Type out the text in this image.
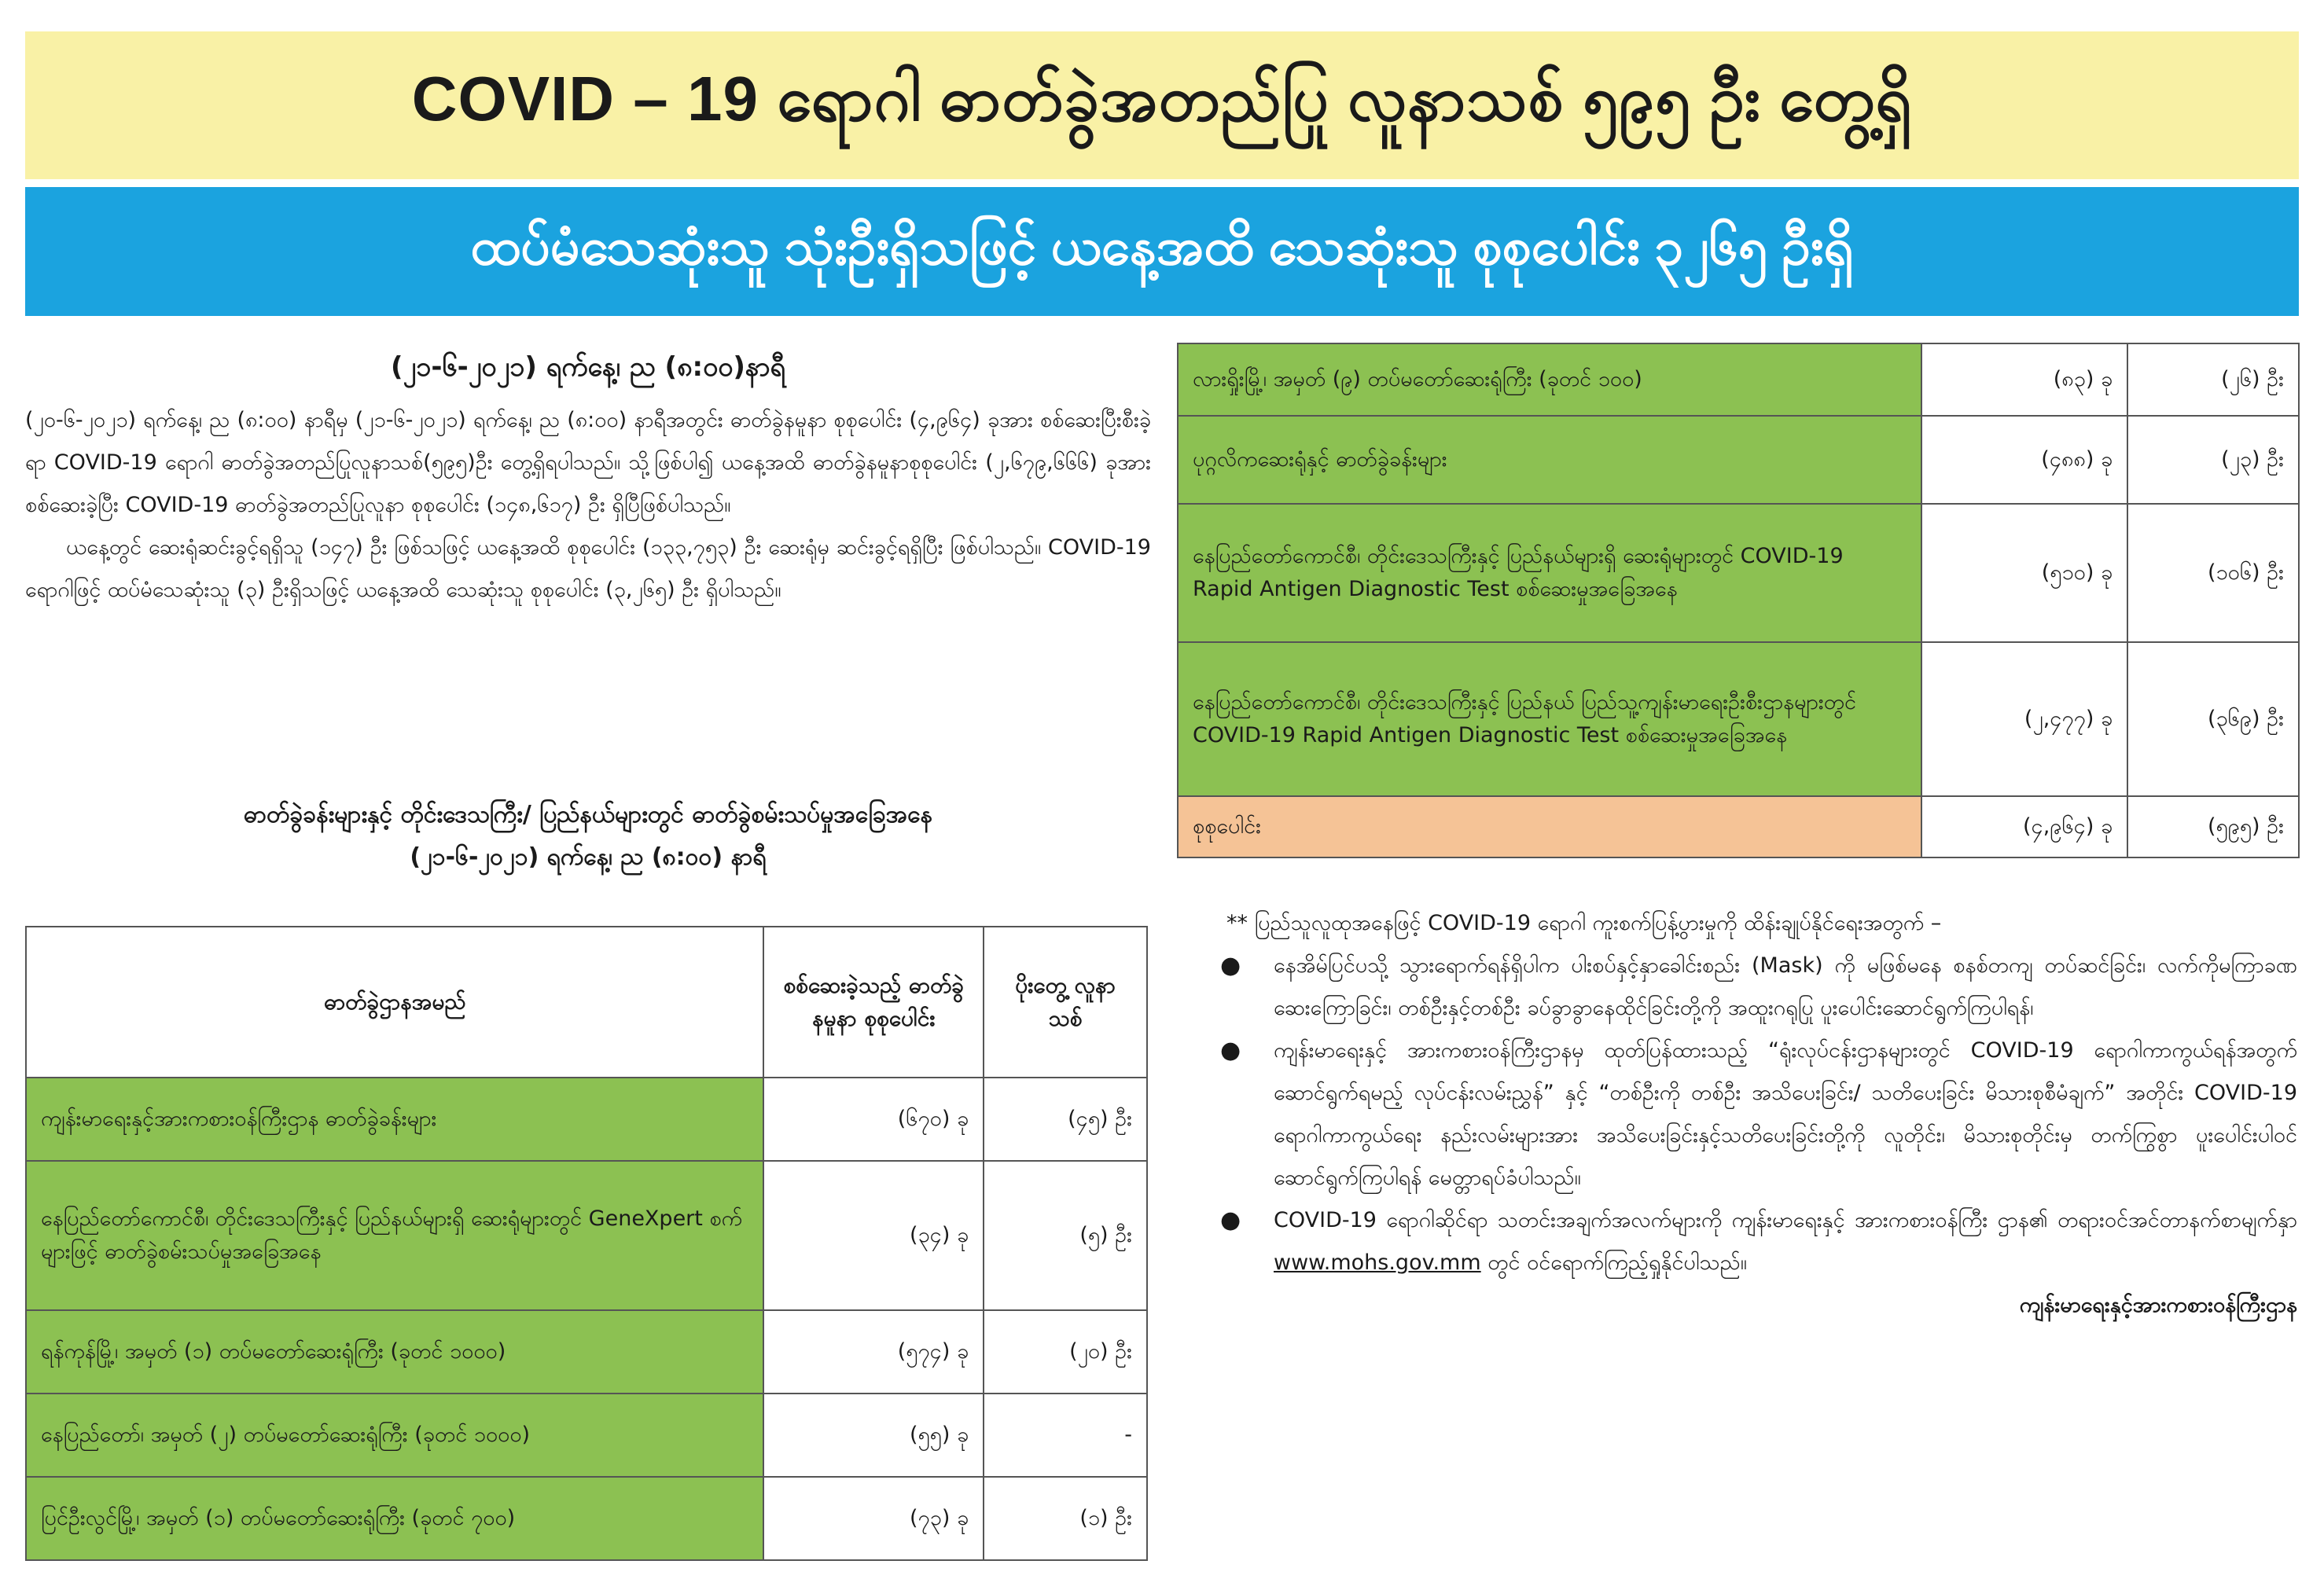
COVID – 19 ရောဂါ ဓာတ်ခွဲအတည်ပြု လူနာသစ် ၅၉၅ ဦး တွေ့ရှိ
ထပ်မံသေဆုံးသူ သုံးဦးရှိသဖြင့် ယနေ့အထိ သေဆုံးသူ စုစုပေါင်း ၃၂၆၅ ဦးရှိ
(၂၁-၆-၂၀၂၁) ရက်နေ့၊ ည (၈:၀၀)နာရီ

(၂၀-၆-၂၀၂၁) ရက်နေ့၊ ည (၈:၀၀) နာရီမှ (၂၁-၆-၂၀၂၁) ရက်နေ့၊ ည (၈:၀၀) နာရီအတွင်း ဓာတ်ခွဲနမူနာ စုစုပေါင်း (၄,၉၆၄) ခုအား စစ်ဆေးပြီးစီးခဲ့ရာ COVID-19 ရောဂါ ဓာတ်ခွဲအတည်ပြုလူနာသစ်(၅၉၅)ဦး တွေ့ရှိရပါသည်။ သို့ဖြစ်ပါ၍ ယနေ့အထိ ဓာတ်ခွဲနမူနာစုစုပေါင်း (၂,၆၇၉,၆၆၆) ခုအား စစ်ဆေးခဲ့ပြီး COVID-19 ဓာတ်ခွဲအတည်ပြုလူနာ စုစုပေါင်း (၁၄၈,၆၁၇) ဦး ရှိပြီဖြစ်ပါသည်။

ယနေ့တွင် ဆေးရုံဆင်းခွင့်ရရှိသူ (၁၄၇) ဦး ဖြစ်သဖြင့် ယနေ့အထိ စုစုပေါင်း (၁၃၃,၇၅၃) ဦး ဆေးရုံမှ ဆင်းခွင့်ရရှိပြီး ဖြစ်ပါသည်။ COVID-19 ရောဂါဖြင့် ထပ်မံသေဆုံးသူ (၃) ဦးရှိသဖြင့် ယနေ့အထိ သေဆုံးသူ စုစုပေါင်း (၃,၂၆၅) ဦး ရှိပါသည်။

ဓာတ်ခွဲခန်းများနှင့် တိုင်းဒေသကြီး/ ပြည်နယ်များတွင် ဓာတ်ခွဲစမ်းသပ်မှုအခြေအနေ
(၂၁-၆-၂၀၂၁) ရက်နေ့၊ ည (၈:၀၀) နာရီ
ဓာတ်ခွဲဌာနအမည်	စစ်ဆေးခဲ့သည့် ဓာတ်ခွဲနမူနာ စုစုပေါင်း	ပိုးတွေ့ လူနာသစ်
ကျန်းမာရေးနှင့်အားကစားဝန်ကြီးဌာန ဓာတ်ခွဲခန်းများ	(၆၇၀) ခု	(၄၅) ဦး
နေပြည်တော်ကောင်စီ၊ တိုင်းဒေသကြီးနှင့် ပြည်နယ်များရှိ ဆေးရုံများတွင် GeneXpert စက်များဖြင့် ဓာတ်ခွဲစမ်းသပ်မှုအခြေအနေ	(၃၄) ခု	(၅) ဦး
ရန်ကုန်မြို့၊ အမှတ် (၁) တပ်မတော်ဆေးရုံကြီး (ခုတင် ၁၀၀၀)	(၅၇၄) ခု	(၂၀) ဦး
နေပြည်တော်၊ အမှတ် (၂) တပ်မတော်ဆေးရုံကြီး (ခုတင် ၁၀၀၀)	(၅၅) ခု	-
ပြင်ဦးလွင်မြို့၊ အမှတ် (၁) တပ်မတော်ဆေးရုံကြီး (ခုတင် ၇၀၀)	(၇၃) ခု	(၁) ဦး
လားရှိုးမြို့၊ အမှတ် (၉) တပ်မတော်ဆေးရုံကြီး (ခုတင် ၁၀၀)	(၈၃) ခု	(၂၆) ဦး
ပုဂ္ဂလိကဆေးရုံနှင့် ဓာတ်ခွဲခန်းများ	(၄၈၈) ခု	(၂၃) ဦး
နေပြည်တော်ကောင်စီ၊ တိုင်းဒေသကြီးနှင့် ပြည်နယ်များရှိ ဆေးရုံများတွင် COVID-19 Rapid Antigen Diagnostic Test စစ်ဆေးမှုအခြေအနေ	(၅၁၀) ခု	(၁၀၆) ဦး
နေပြည်တော်ကောင်စီ၊ တိုင်းဒေသကြီးနှင့် ပြည်နယ် ပြည်သူ့ကျန်းမာရေးဦးစီးဌာနများတွင် COVID-19 Rapid Antigen Diagnostic Test စစ်ဆေးမှုအခြေအနေ	(၂,၄၇၇) ခု	(၃၆၉) ဦး
စုစုပေါင်း	(၄,၉၆၄) ခု	(၅၉၅) ဦး
** ပြည်သူလူထုအနေဖြင့် COVID-19 ရောဂါ ကူးစက်ပြန့်ပွားမှုကို ထိန်းချုပ်နိုင်ရေးအတွက် –
● နေအိမ်ပြင်ပသို့ သွားရောက်ရန်ရှိပါက ပါးစပ်နှင့်နှာခေါင်းစည်း (Mask) ကို မဖြစ်မနေ စနစ်တကျ တပ်ဆင်ခြင်း၊ လက်ကိုမကြာခဏဆေးကြောခြင်း၊ တစ်ဦးနှင့်တစ်ဦး ခပ်ခွာခွာနေထိုင်ခြင်းတို့ကို အထူးဂရုပြု ပူးပေါင်းဆောင်ရွက်ကြပါရန်၊
● ကျန်းမာရေးနှင့် အားကစားဝန်ကြီးဌာနမှ ထုတ်ပြန်ထားသည့် “ရုံးလုပ်ငန်းဌာနများတွင် COVID-19 ရောဂါကာကွယ်ရန်အတွက် ဆောင်ရွက်ရမည့် လုပ်ငန်းလမ်းညွှန်” နှင့် “တစ်ဦးကို တစ်ဦး အသိပေးခြင်း/ သတိပေးခြင်း မိသားစုစီမံချက်” အတိုင်း COVID-19 ရောဂါကာကွယ်ရေး နည်းလမ်းများအား အသိပေးခြင်းနှင့်သတိပေးခြင်းတို့ကို လူတိုင်း၊ မိသားစုတိုင်းမှ တက်ကြွစွာ ပူးပေါင်းပါဝင် ဆောင်ရွက်ကြပါရန် မေတ္တာရပ်ခံပါသည်။
● COVID-19 ရောဂါဆိုင်ရာ သတင်းအချက်အလက်များကို ကျန်းမာရေးနှင့် အားကစားဝန်ကြီး ဌာန၏ တရားဝင်အင်တာနက်စာမျက်နှာ www.mohs.gov.mm တွင် ဝင်ရောက်ကြည့်ရှုနိုင်ပါသည်။
ကျန်းမာရေးနှင့်အားကစားဝန်ကြီးဌာန
